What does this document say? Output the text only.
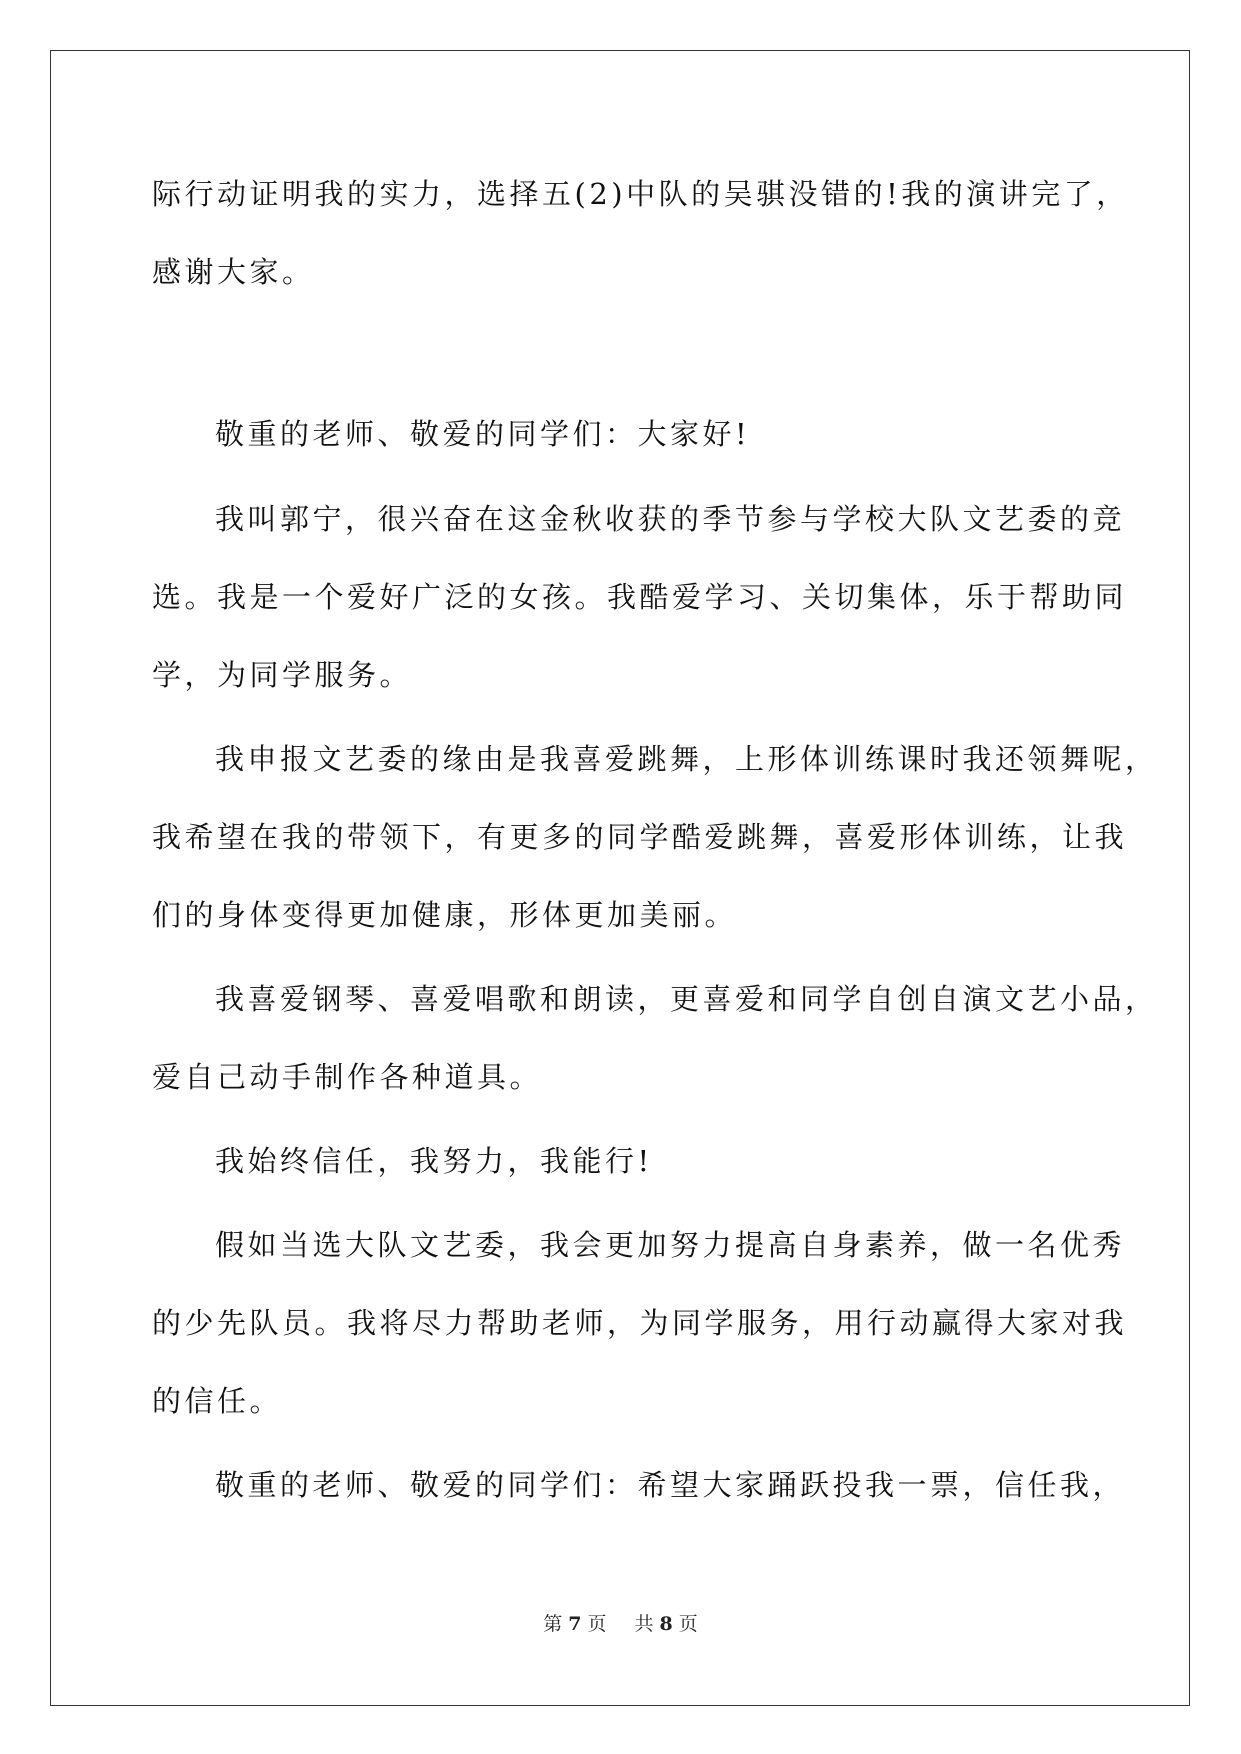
际行动证明我的实力，选择五(2)中队的吴骐没错的!我的演讲完了，
感谢大家。
敬重的老师、敬爱的同学们：大家好!
我叫郭宁，很兴奋在这金秋收获的季节参与学校大队文艺委的竞
选。我是一个爱好广泛的女孩。我酷爱学习、关切集体，乐于帮助同
学，为同学服务。
我申报文艺委的缘由是我喜爱跳舞，上形体训练课时我还领舞呢，
我希望在我的带领下，有更多的同学酷爱跳舞，喜爱形体训练，让我
们的身体变得更加健康，形体更加美丽。
我喜爱钢琴、喜爱唱歌和朗读，更喜爱和同学自创自演文艺小品，
爱自己动手制作各种道具。
我始终信任，我努力，我能行!
假如当选大队文艺委，我会更加努力提高自身素养，做一名优秀
的少先队员。我将尽力帮助老师，为同学服务，用行动赢得大家对我
的信任。
敬重的老师、敬爱的同学们：希望大家踊跃投我一票，信任我，
第 7 页 共 8 页
